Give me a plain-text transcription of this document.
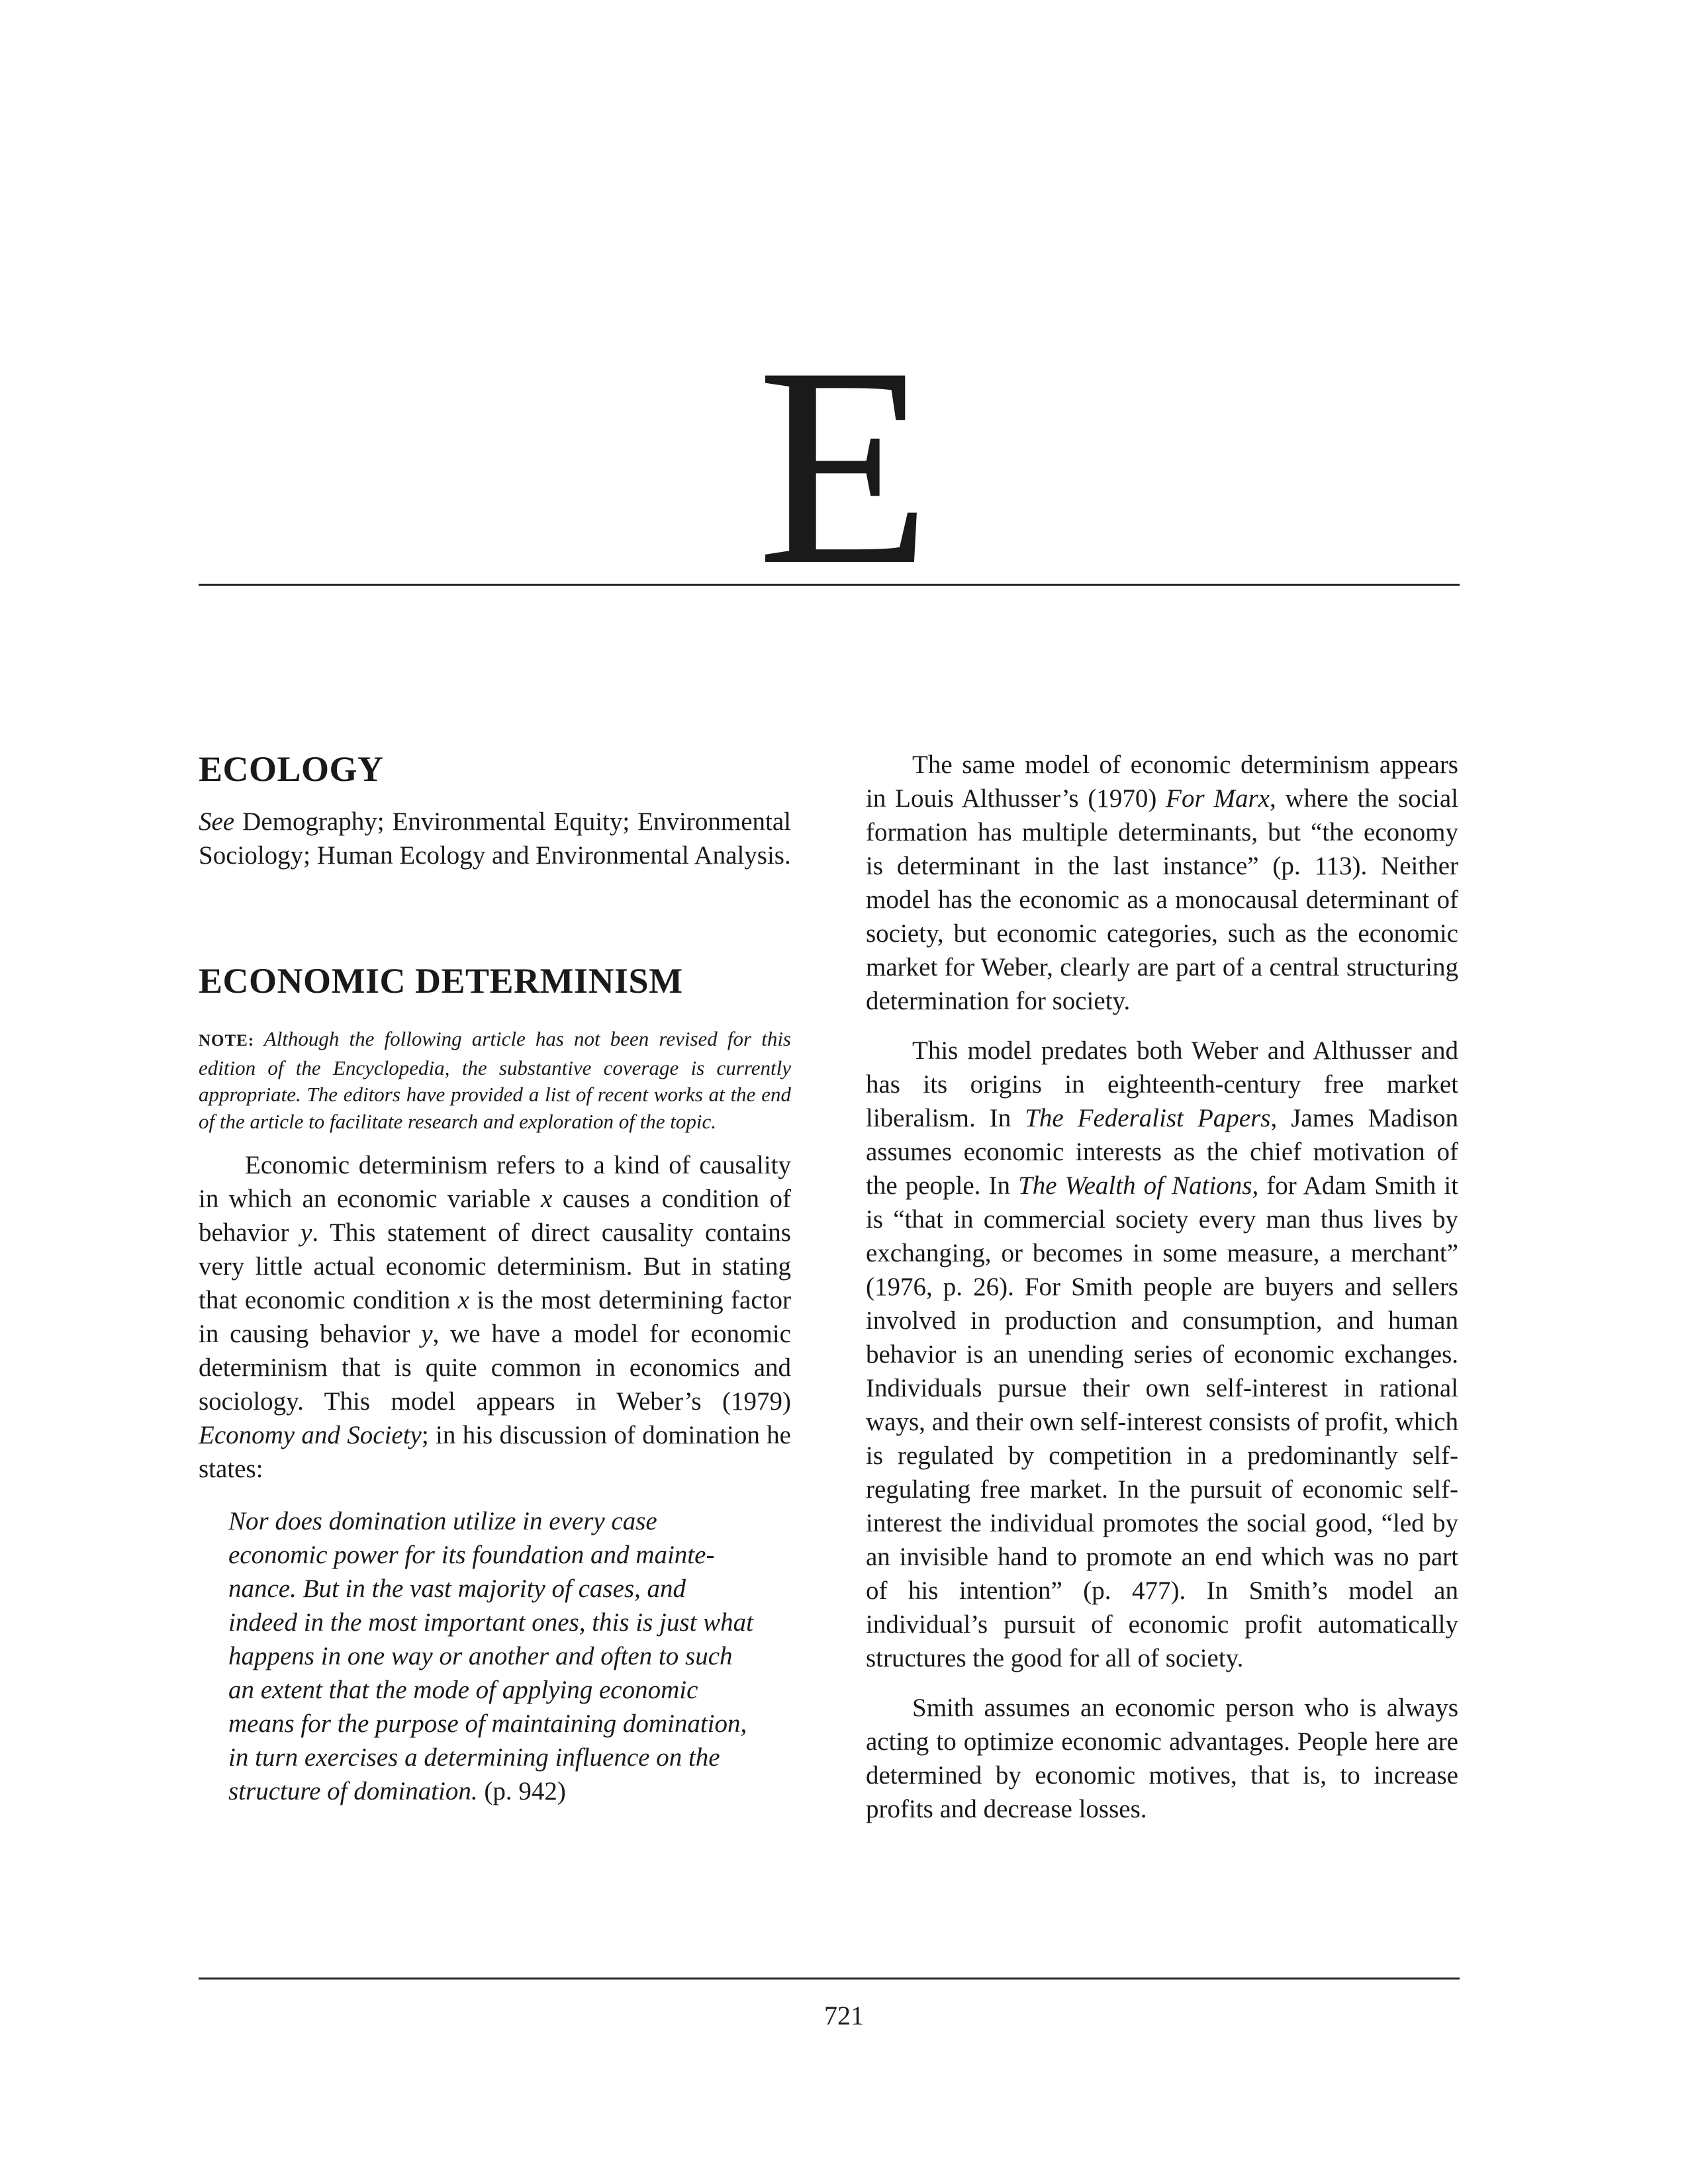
E
ECOLOGY

See Demography; Environmental Equity; Environmental Sociology; Human Ecology and Environmental Analysis.

ECONOMIC DETERMINISM

NOTE: Although the following article has not been revised for this edition of the Encyclopedia, the substantive coverage is currently appropriate. The editors have provided a list of recent works at the end of the article to facilitate research and exploration of the topic.

Economic determinism refers to a kind of causality in which an economic variable x causes a condition of behavior y. This statement of direct causality contains very little actual economic determinism. But in stating that economic condition x is the most determining factor in causing behavior y, we have a model for economic determinism that is quite common in economics and sociology. This model appears in Weber’s (1979) Economy and Society; in his discussion of domination he states:

Nor does domination utilize in every case economic power for its foundation and maintenance. But in the vast majority of cases, and indeed in the most important ones, this is just what happens in one way or another and often to such an extent that the mode of applying economic means for the purpose of maintaining domination, in turn exercises a determining influence on the structure of domination. (p. 942)

The same model of economic determinism appears in Louis Althusser’s (1970) For Marx, where the social formation has multiple determinants, but “the economy is determinant in the last instance” (p. 113). Neither model has the economic as a monocausal determinant of society, but economic categories, such as the economic market for Weber, clearly are part of a central structuring determination for society.

This model predates both Weber and Althusser and has its origins in eighteenth-century free market liberalism. In The Federalist Papers, James Madison assumes economic interests as the chief motivation of the people. In The Wealth of Nations, for Adam Smith it is “that in commercial society every man thus lives by exchanging, or becomes in some measure, a merchant” (1976, p. 26). For Smith people are buyers and sellers involved in production and consumption, and human behavior is an unending series of economic exchanges. Individuals pursue their own self-interest in rational ways, and their own self-interest consists of profit, which is regulated by competition in a predominantly self-regulating free market. In the pursuit of economic self-interest the individual promotes the social good, “led by an invisible hand to promote an end which was no part of his intention” (p. 477). In Smith’s model an individual’s pursuit of economic profit automatically structures the good for all of society.

Smith assumes an economic person who is always acting to optimize economic advantages. People here are determined by economic motives, that is, to increase profits and decrease losses.

721
